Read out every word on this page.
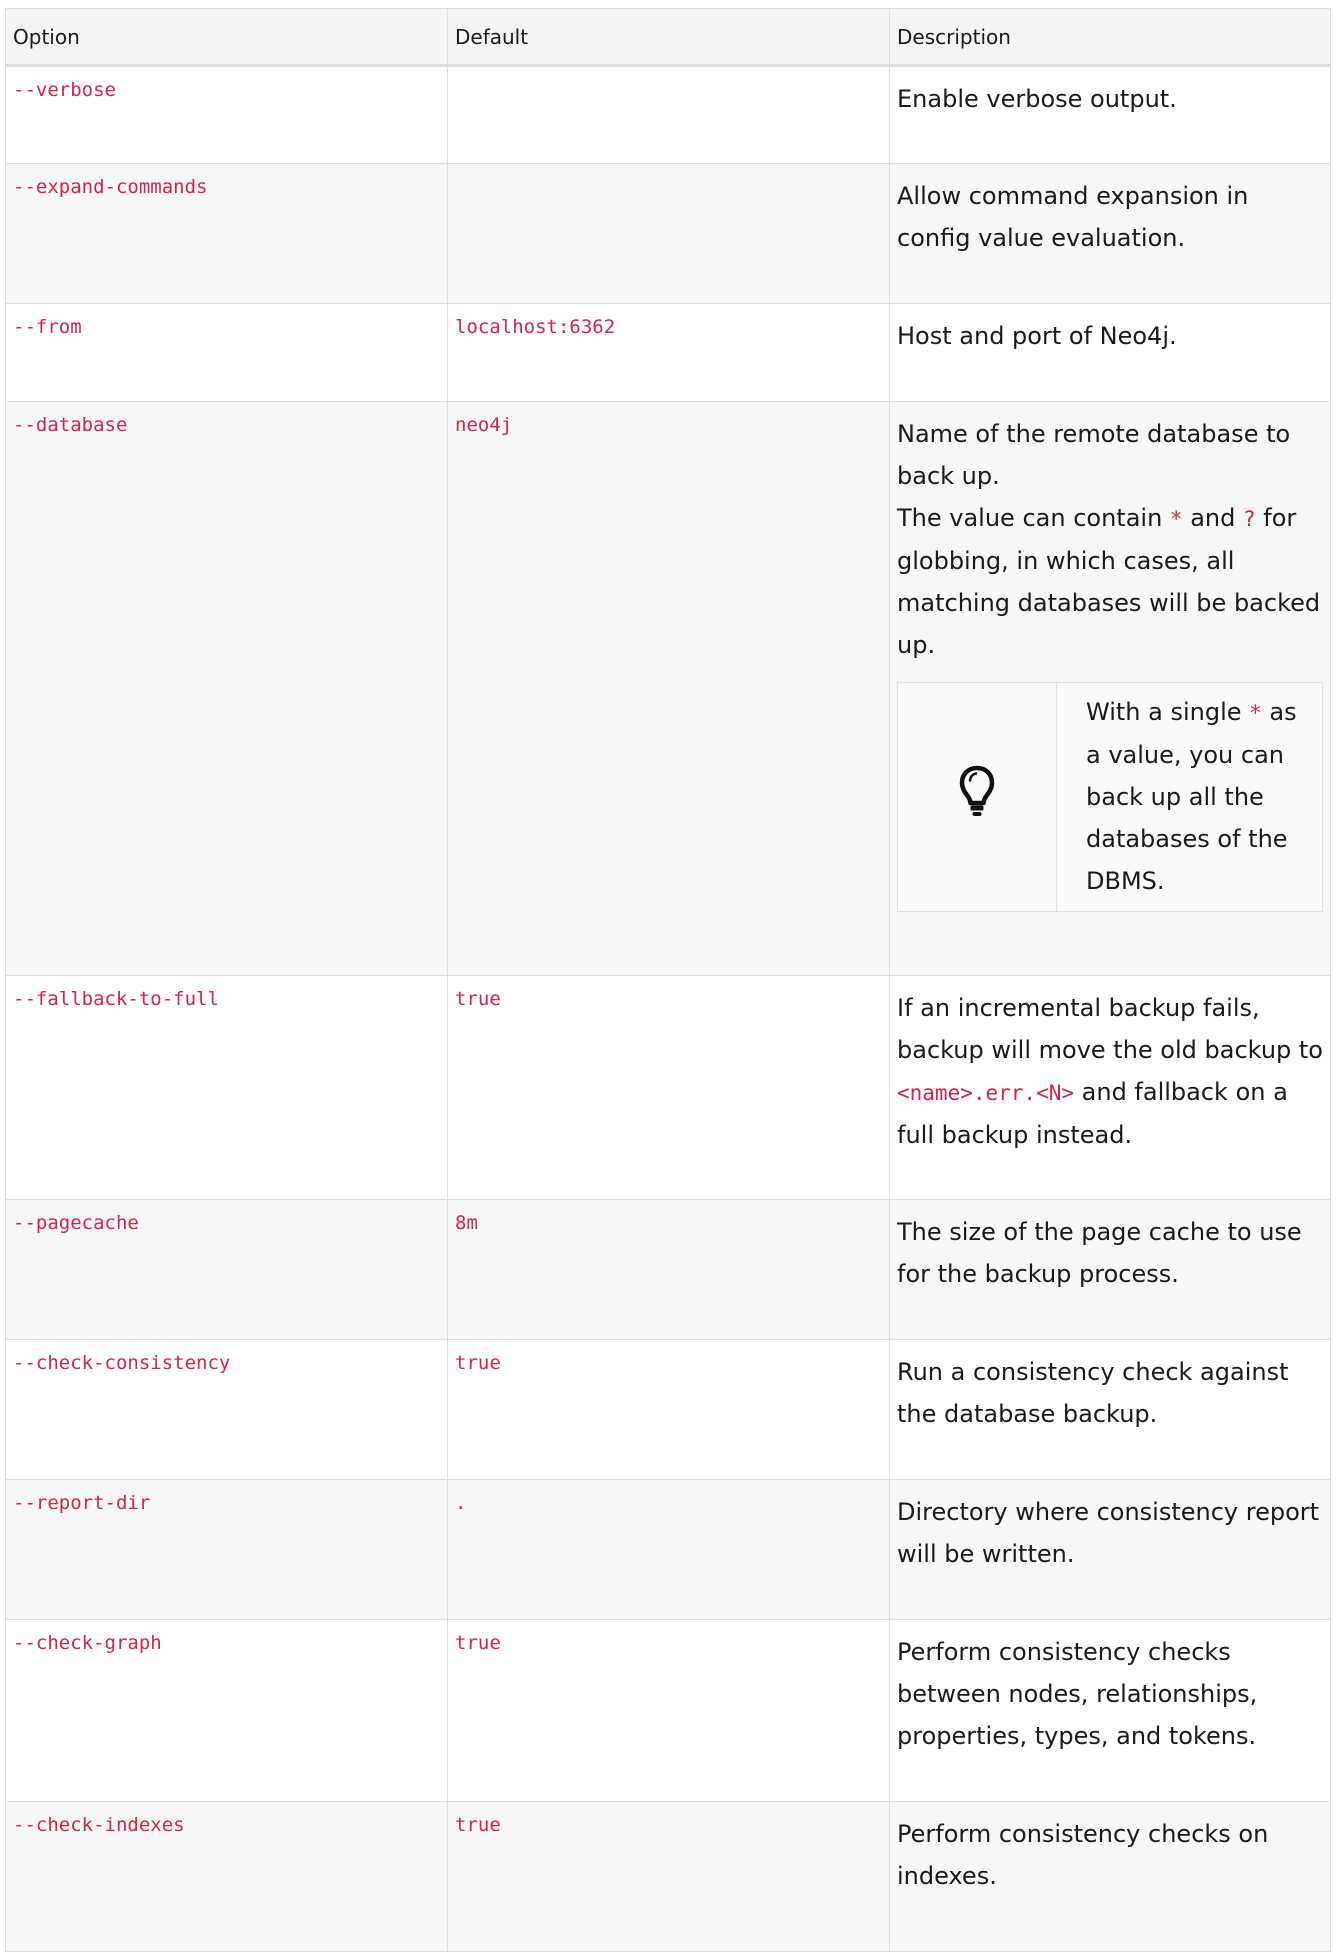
Option	Default	Description
--verbose		Enable verbose output.
--expand-commands		Allow command expansion in config value evaluation.
--from	localhost:6362	Host and port of Neo4j.
--database	neo4j	Name of the remote database to back up.
The value can contain * and ? for globbing, in which cases, all matching databases will be backed up.
With a single * as a value, you can back up all the databases of the DBMS.

--fallback-to-full	true	If an incremental backup fails, backup will move the old backup to <name>.err.<N> and fallback on a full backup instead.
--pagecache	8m	The size of the page cache to use for the backup process.
--check-consistency	true	Run a consistency check against the database backup.
--report-dir	.	Directory where consistency report will be written.
--check-graph	true	Perform consistency checks between nodes, relationships, properties, types, and tokens.
--check-indexes	true	Perform consistency checks on indexes.
